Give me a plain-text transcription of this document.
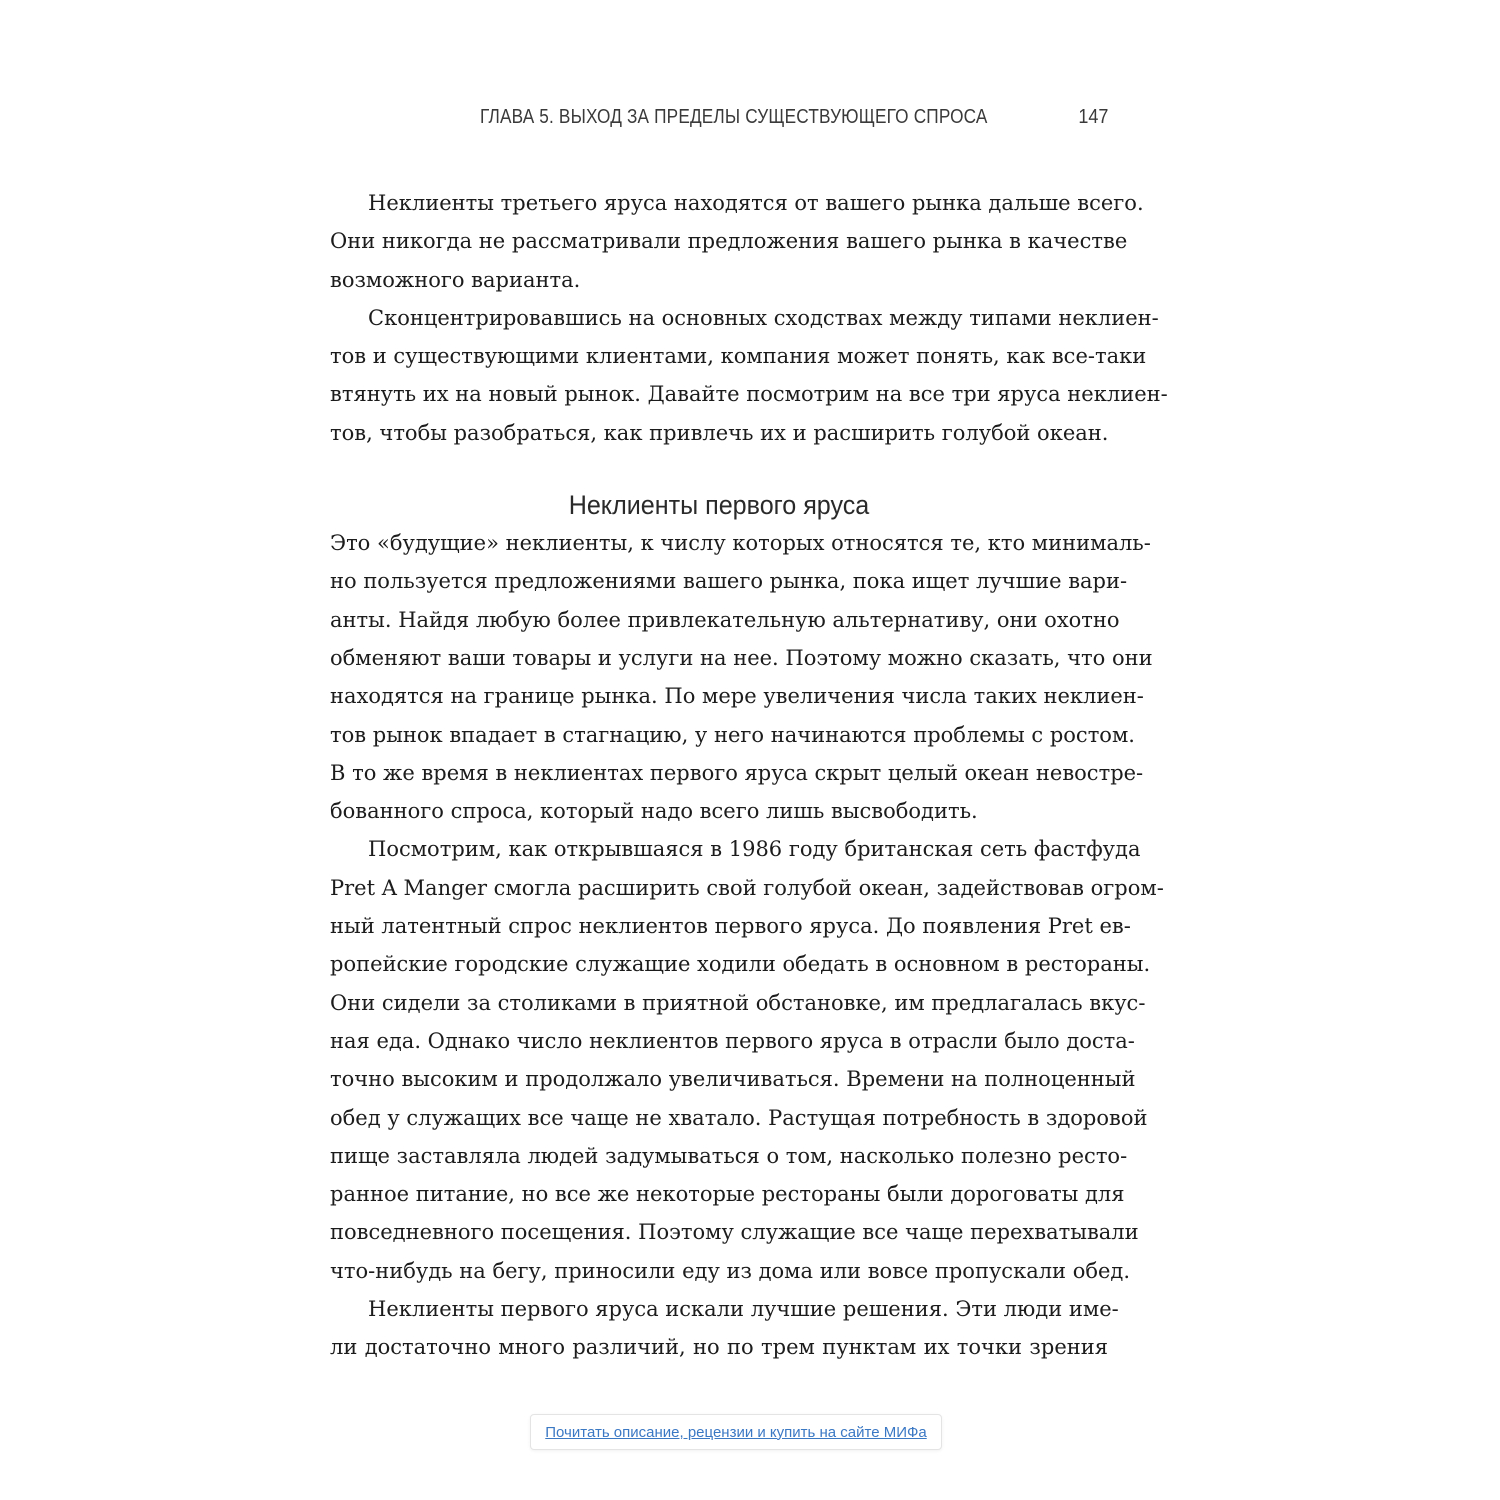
ГЛАВА 5. ВЫХОД ЗА ПРЕДЕЛЫ СУЩЕСТВУЮЩЕГО СПРОСА	147
Неклиенты третьего яруса находятся от вашего рынка дальше всего.
Они никогда не рассматривали предложения вашего рынка в качестве
возможного варианта.
Сконцентрировавшись на основных сходствах между типами неклиен-
тов и существующими клиентами, компания может понять, как все-таки
втянуть их на новый рынок. Давайте посмотрим на все три яруса неклиен-
тов, чтобы разобраться, как привлечь их и расширить голубой океан.
Неклиенты первого яруса
Это «будущие» неклиенты, к числу которых относятся те, кто минималь-
но пользуется предложениями вашего рынка, пока ищет лучшие вари-
анты. Найдя любую более привлекательную альтернативу, они охотно
обменяют ваши товары и услуги на нее. Поэтому можно сказать, что они
находятся на границе рынка. По мере увеличения числа таких неклиен-
тов рынок впадает в стагнацию, у него начинаются проблемы с ростом.
В то же время в неклиентах первого яруса скрыт целый океан невостре-
бованного спроса, который надо всего лишь высвободить.
Посмотрим, как открывшаяся в 1986 году британская сеть фастфуда
Pret A Manger смогла расширить свой голубой океан, задействовав огром-
ный латентный спрос неклиентов первого яруса. До появления Pret ев-
ропейские городские служащие ходили обедать в основном в рестораны.
Они сидели за столиками в приятной обстановке, им предлагалась вкус-
ная еда. Однако число неклиентов первого яруса в отрасли было доста-
точно высоким и продолжало увеличиваться. Времени на полноценный
обед у служащих все чаще не хватало. Растущая потребность в здоровой
пище заставляла людей задумываться о том, насколько полезно ресто-
ранное питание, но все же некоторые рестораны были дороговаты для
повседневного посещения. Поэтому служащие все чаще перехватывали
что-нибудь на бегу, приносили еду из дома или вовсе пропускали обед.
Неклиенты первого яруса искали лучшие решения. Эти люди име-
ли достаточно много различий, но по трем пунктам их точки зрения
Почитать описание, рецензии и купить на сайте МИФа
